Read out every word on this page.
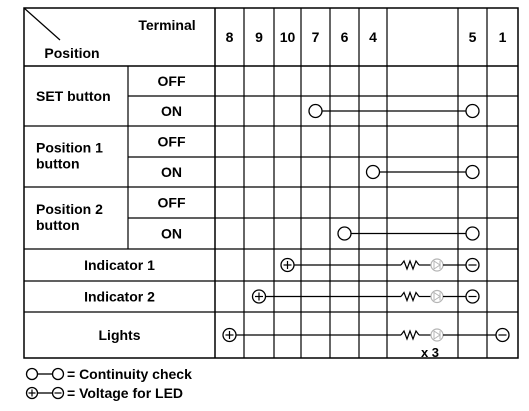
Terminal
Position
8 9 10 7 6 4	5 1
OFF
SET button
ON
OFF
Position 1
button
ON
OFF
Position 2
button
ON
Indicator 1
Indicator 2
Lights
x 3
= Continuity check
= Voltage for LED
